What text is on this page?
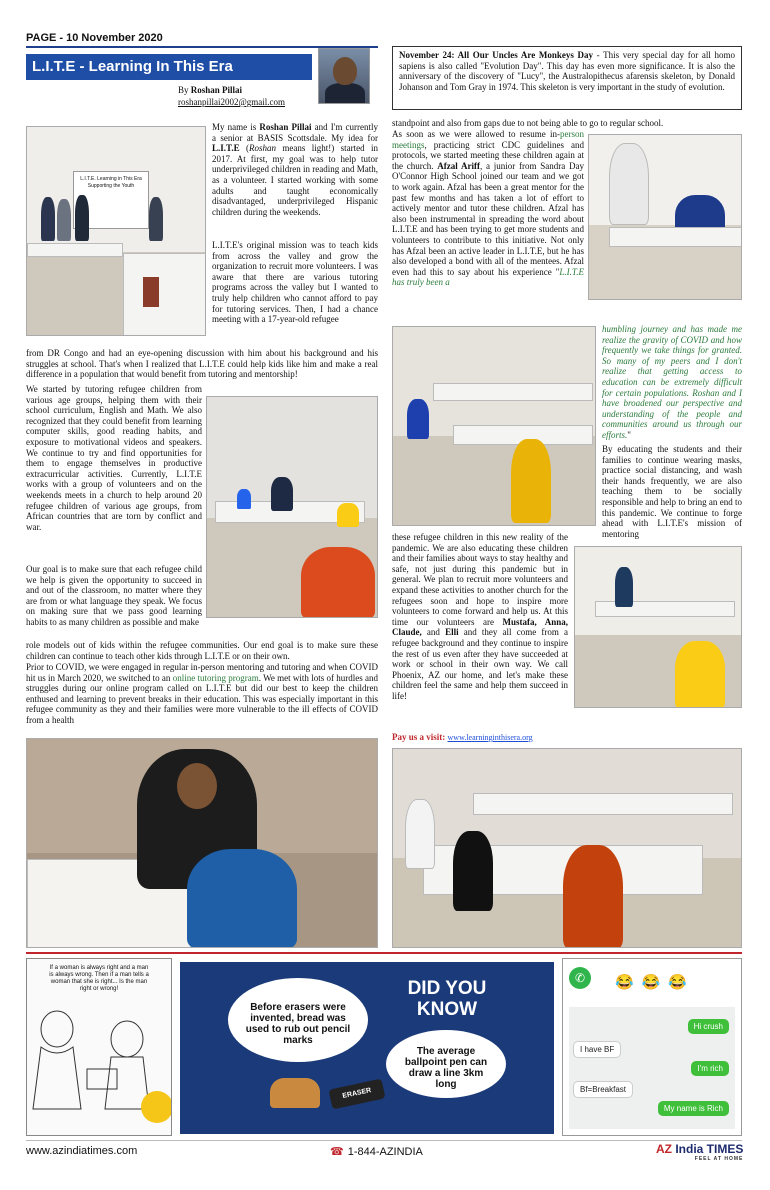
PAGE - 10 November 2020
L.I.T.E - Learning In This Era
By Roshan Pillai
roshanpillai2002@gmail.com
November 24: All Our Uncles Are Monkeys Day - This very special day for all homo sapiens is also called "Evolution Day". This day has even more significance. It is also the anniversary of the discovery of "Lucy", the Australopithecus afarensis skeleton, by Donald Johanson and Tom Gray in 1974. This skeleton is very important in the study of evolution.
L.I.T.E. Learning in This Era
Supporting the Youth
My name is Roshan Pillai and I'm currently a senior at BASIS Scottsdale. My idea for L.I.T.E (Roshan means light!) started in 2017. At first, my goal was to help tutor underprivileged children in reading and Math, as a volunteer. I started working with some adults and taught economically disadvantaged, underprivileged Hispanic children during the weekends.
L.I.T.E's original mission was to teach kids from across the valley and grow the organization to recruit more volunteers. I was aware that there are various tutoring programs across the valley but I wanted to truly help children who cannot afford to pay for tutoring services. Then, I had a chance meeting with a 17-year-old refugee
from DR Congo and had an eye-opening discussion with him about his background and his struggles at school. That's when I realized that L.I.T.E could help kids like him and make a real difference in a population that would benefit from tutoring and mentorship!
We started by tutoring refugee children from various age groups, helping them with their school curriculum, English and Math. We also recognized that they could benefit from learning computer skills, good reading habits, and exposure to motivational videos and speakers. We continue to try and find opportunities for them to engage themselves in productive extracurricular activities. Currently, L.I.T.E works with a group of volunteers and on the weekends meets in a church to help around 20 refugee children of various age groups, from African countries that are torn by conflict and war.
Our goal is to make sure that each refugee child we help is given the opportunity to succeed in and out of the classroom, no matter where they are from or what language they speak. We focus on making sure that we pass good learning habits to as many children as possible and make
role models out of kids within the refugee communities. Our end goal is to make sure these children can continue to teach other kids through L.I.T.E or on their own.
Prior to COVID, we were engaged in regular in-person mentoring and tutoring and when COVID hit us in March 2020, we switched to an online tutoring program. We met with lots of hurdles and struggles during our online program called on L.I.T.E but did our best to keep the children enthused and learning to prevent breaks in their education. This was especially important in this refugee community as they and their families were more vulnerable to the ill effects of COVID from a health
standpoint and also from gaps due to not being able to go to regular school.
As soon as we were allowed to resume in-person meetings, practicing strict CDC guidelines and protocols, we started meeting these children again at the church. Afzal Ariff, a junior from Sandra Day O'Connor High School joined our team and we got to work again. Afzal has been a great mentor for the past few months and has taken a lot of effort to actively mentor and tutor these children. Afzal has also been instrumental in spreading the word about L.I.T.E and has been trying to get more students and volunteers to contribute to this initiative. Not only has Afzal been an active leader in L.I.T.E, but he has also developed a bond with all of the mentees. Afzal even had this to say about his experience "L.I.T.E has truly been a
humbling journey and has made me realize the gravity of COVID and how frequently we take things for granted. So many of my peers and I don't realize that getting access to education can be extremely difficult for certain populations. Roshan and I have broadened our perspective and understanding of the people and communities around us through our efforts."
By educating the students and their families to continue wearing masks, practice social distancing, and wash their hands frequently, we are also teaching them to be socially responsible and help to bring an end to this pandemic. We continue to forge ahead with L.I.T.E's mission of mentoring
these refugee children in this new reality of the pandemic. We are also educating these children and their families about ways to stay healthy and safe, not just during this pandemic but in general. We plan to recruit more volunteers and expand these activities to another church for the refugees soon and hope to inspire more volunteers to come forward and help us. At this time our volunteers are Mustafa, Anna, Claude, and Elli and they all come from a refugee background and they continue to inspire the rest of us even after they have succeeded at work or school in their own way. We call Phoenix, AZ our home, and let's make these children feel the same and help them succeed in life!
Pay us a visit: www.learninginthisera.org
If a woman is always right and a man is always wrong. Then if a man tells a woman that she is right... Is the man right or wrong!
Before erasers were invented, bread was used to rub out pencil marks
DID YOU KNOW
The average ballpoint pen can draw a line 3km long
ERASER
✆	😂😂😂
Hi crush
I have BF
I'm rich
Bf=Breakfast
My name is Rich
www.azindiatimes.com	☎ 1-844-AZINDIA	AZ India TIMES
FEEL AT HOME
